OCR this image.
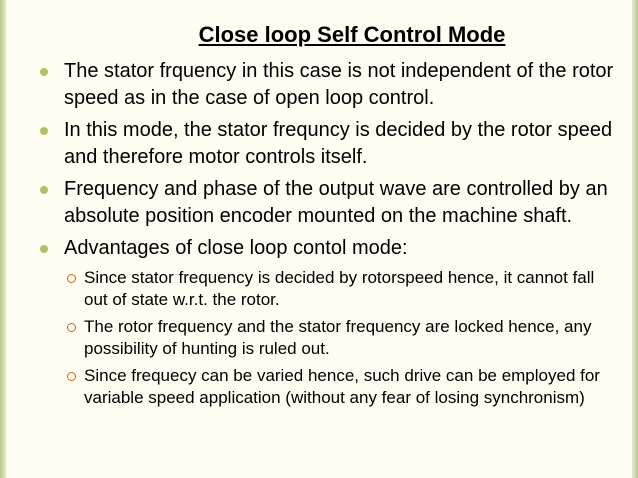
Close loop Self Control Mode
The stator frquency in this case is not independent of the rotor speed as in the case of open loop control.
In this mode, the stator frequncy is decided by the rotor speed and therefore motor controls itself.
Frequency and phase of the output wave are controlled by an absolute position encoder mounted on the machine shaft.
Advantages of close loop contol mode:
Since stator frequency is decided by rotorspeed hence, it cannot fall out of state w.r.t. the rotor.
The rotor frequency and the stator frequency are locked hence, any possibility of hunting is ruled out.
Since frequecy can be varied hence, such drive can be employed for variable speed application (without any fear of losing synchronism)
